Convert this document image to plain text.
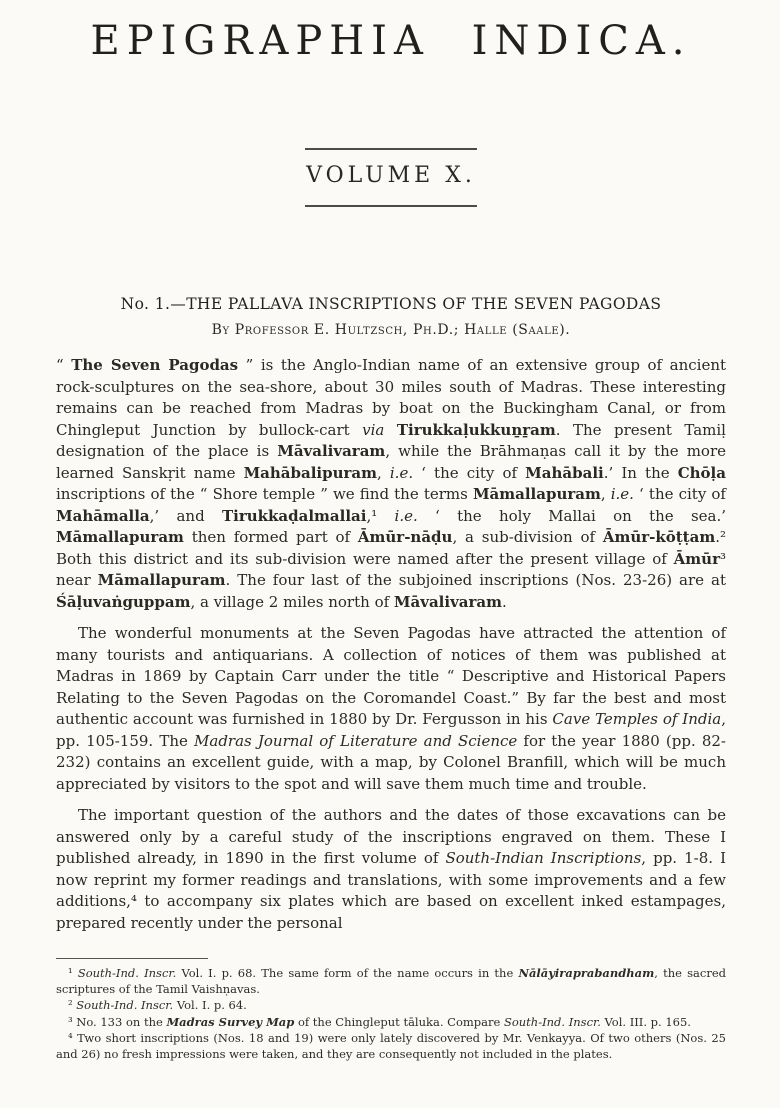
EPIGRAPHIA INDICA.
VOLUME X.
No. 1.—THE PALLAVA INSCRIPTIONS OF THE SEVEN PAGODAS
By Professor E. Hultzsch, Ph.D.; Halle (Saale).

“ The Seven Pagodas ” is the Anglo-Indian name of an extensive group of ancient rock-sculptures on the sea-shore, about 30 miles south of Madras. These interesting remains can be reached from Madras by boat on the Buckingham Canal, or from Chingleput Junction by bullock-cart via Tirukkaḷukkuṉṟam. The present Tamiḷ designation of the place is Māvalivaram, while the Brāhmaṇas call it by the more learned Sanskṛit name Mahābalipuram, i.e. ‘ the city of Mahābali.’ In the Chōḷa inscriptions of the “ Shore temple ” we find the terms Māmallapuram, i.e. ‘ the city of Mahāmalla,’ and Tirukkaḍalmallai,¹ i.e. ‘ the holy Mallai on the sea.’ Māmallapuram then formed part of Āmūr-nāḍu, a sub-division of Āmūr-kōṭṭam.² Both this district and its sub-division were named after the present village of Āmūr³ near Māmallapuram. The four last of the subjoined inscriptions (Nos. 23-26) are at Śāḷuvaṅguppam, a village 2 miles north of Māvalivaram.

The wonderful monuments at the Seven Pagodas have attracted the attention of many tourists and antiquarians. A collection of notices of them was published at Madras in 1869 by Captain Carr under the title “ Descriptive and Historical Papers Relating to the Seven Pagodas on the Coromandel Coast.” By far the best and most authentic account was furnished in 1880 by Dr. Fergusson in his Cave Temples of India, pp. 105-159. The Madras Journal of Literature and Science for the year 1880 (pp. 82-232) contains an excellent guide, with a map, by Colonel Branfill, which will be much appreciated by visitors to the spot and will save them much time and trouble.

The important question of the authors and the dates of those excavations can be answered only by a careful study of the inscriptions engraved on them. These I published already, in 1890 in the first volume of South-Indian Inscriptions, pp. 1-8. I now reprint my former readings and translations, with some improvements and a few additions,⁴ to accompany six plates which are based on excellent inked estampages, prepared recently under the personal

¹ South-Ind. Inscr. Vol. I. p. 68. The same form of the name occurs in the Nālāyiraprabandham, the sacred scriptures of the Tamil Vaishṇavas.

² South-Ind. Inscr. Vol. I. p. 64.

³ No. 133 on the Madras Survey Map of the Chingleput tāluka. Compare South-Ind. Inscr. Vol. III. p. 165.

⁴ Two short inscriptions (Nos. 18 and 19) were only lately discovered by Mr. Venkayya. Of two others (Nos. 25 and 26) no fresh impressions were taken, and they are consequently not included in the plates.
